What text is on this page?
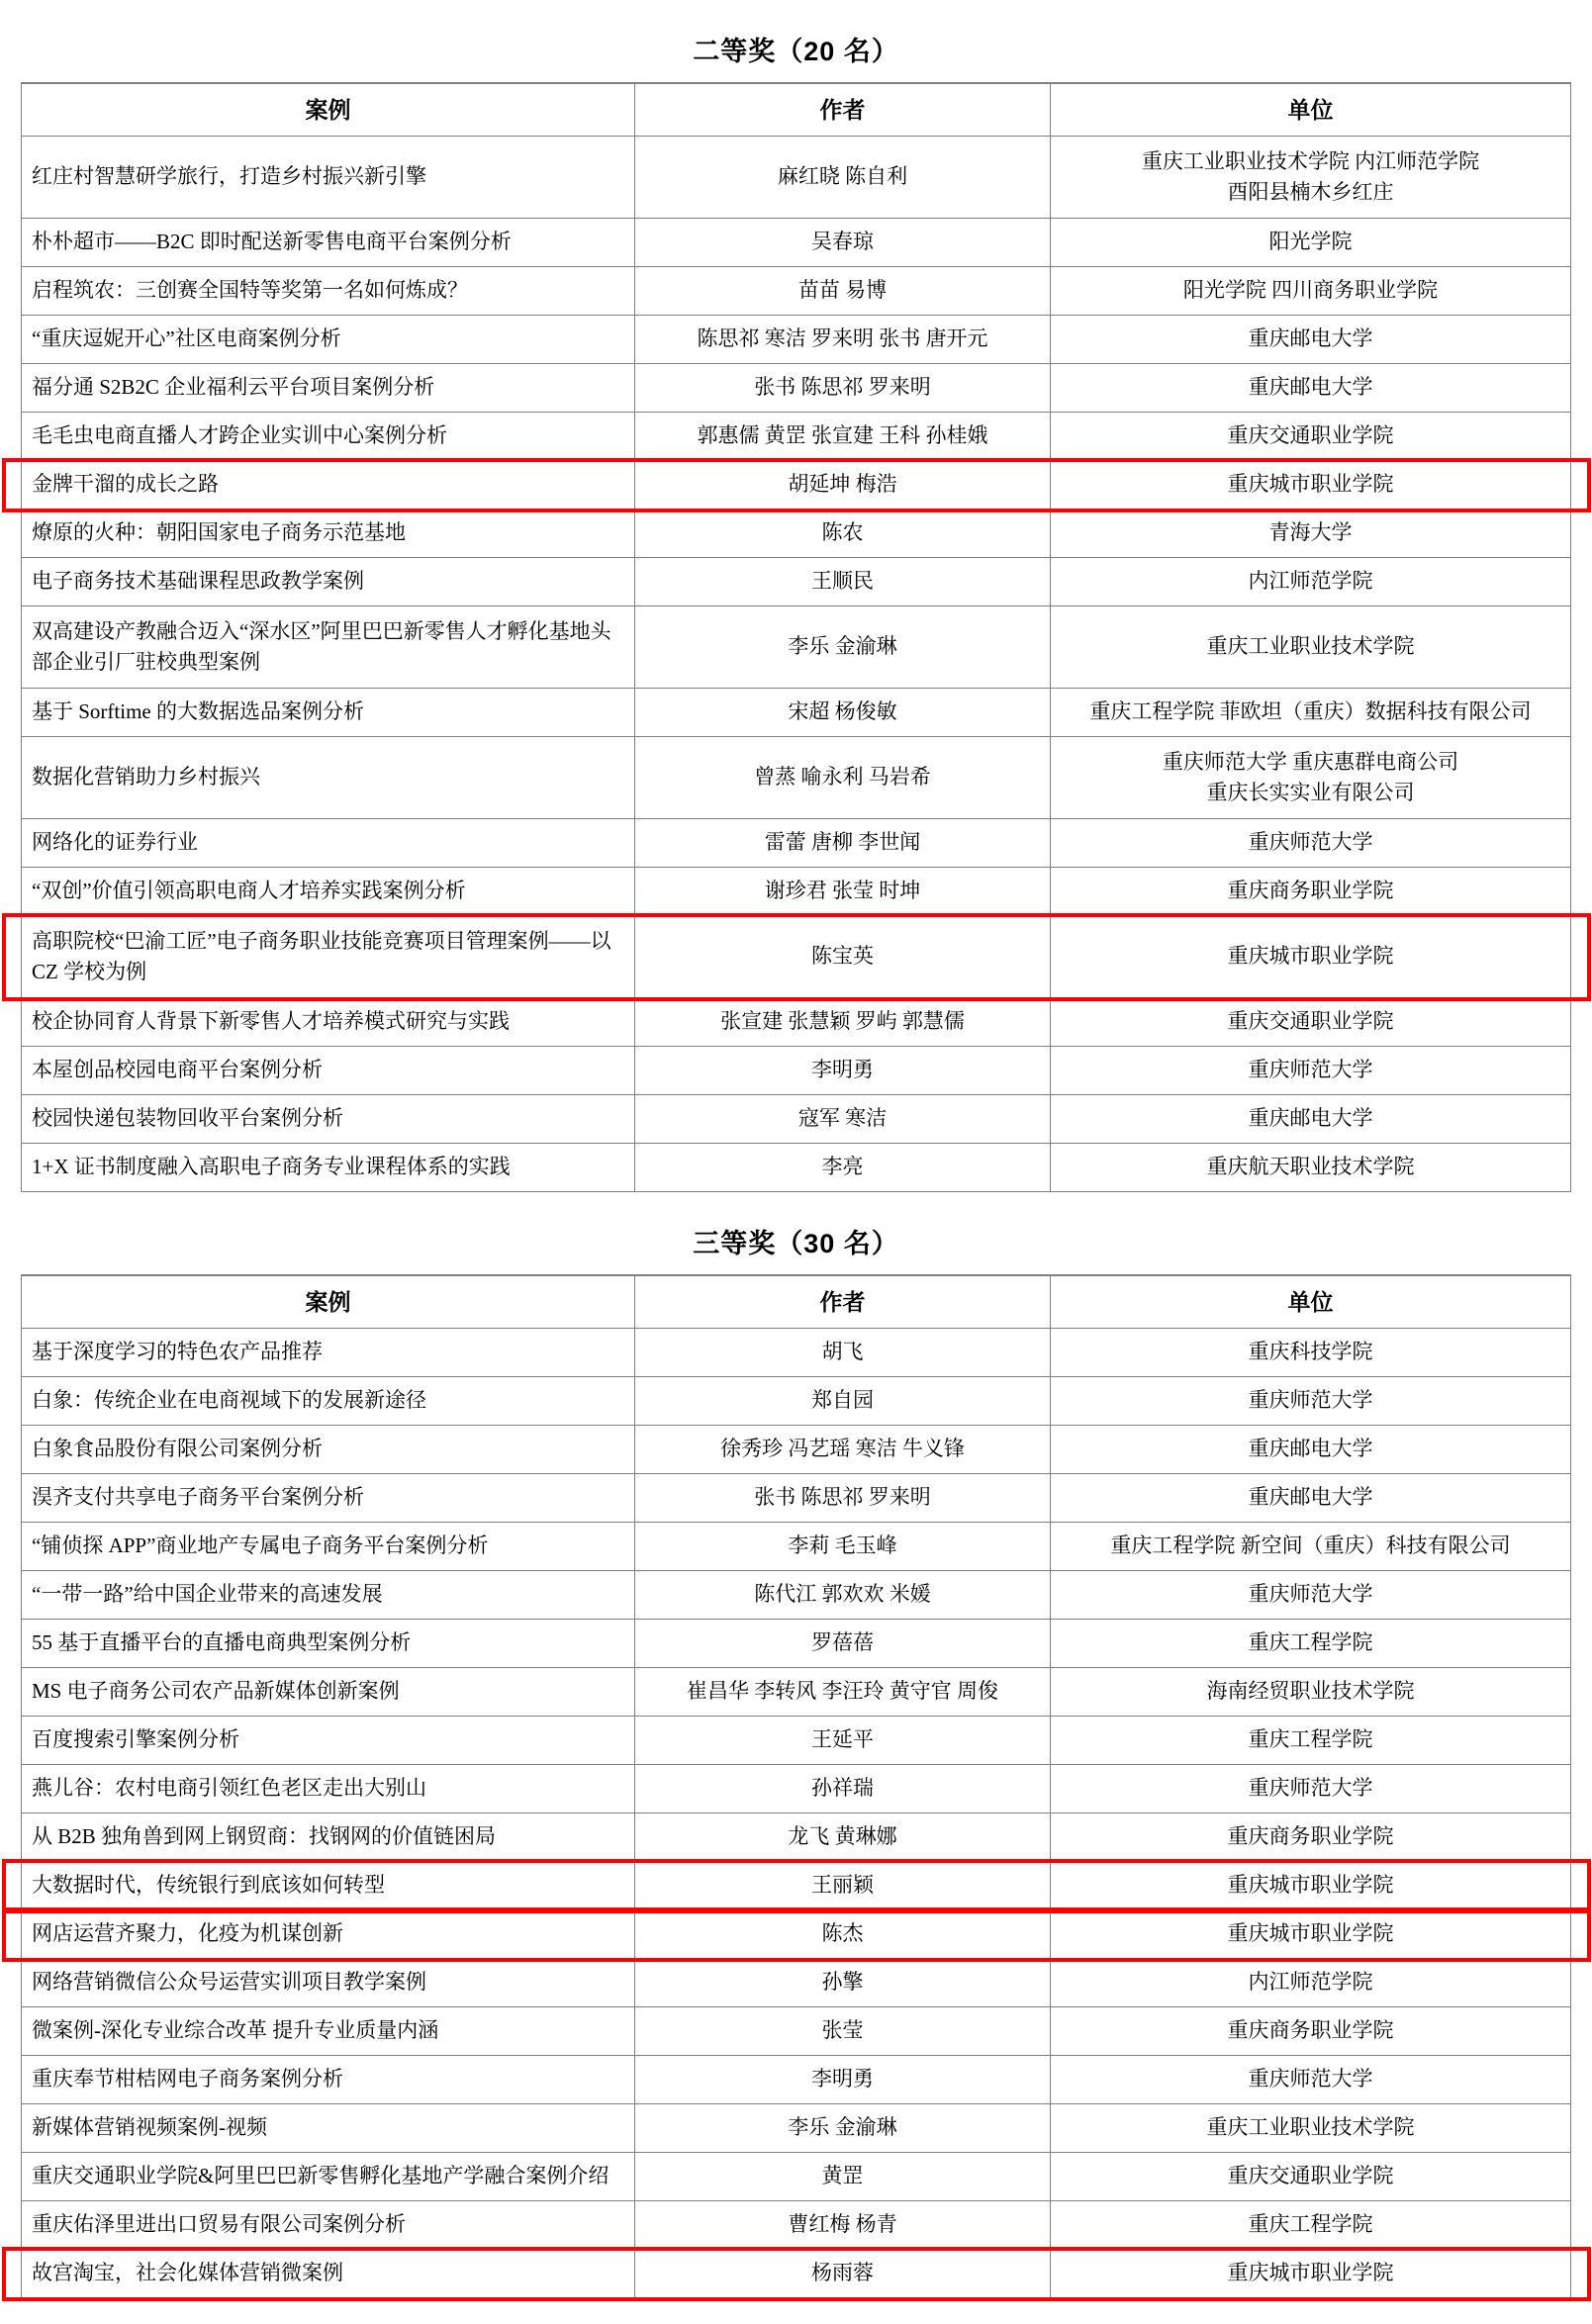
二等奖（20 名）
案例	作者	单位
红庄村智慧研学旅行，打造乡村振兴新引擎	麻红晓 陈自利	重庆工业职业技术学院 内江师范学院
酉阳县楠木乡红庄
朴朴超市——B2C 即时配送新零售电商平台案例分析	吴春琼	阳光学院
启程筑农：三创赛全国特等奖第一名如何炼成？	苗苗 易博	阳光学院 四川商务职业学院
“重庆逗妮开心”社区电商案例分析	陈思祁 寒洁 罗来明 张书 唐开元	重庆邮电大学
福分通 S2B2C 企业福利云平台项目案例分析	张书 陈思祁 罗来明	重庆邮电大学
毛毛虫电商直播人才跨企业实训中心案例分析	郭惠儒 黄罡 张宣建 王科 孙桂娥	重庆交通职业学院
金牌干溜的成长之路	胡延坤 梅浩	重庆城市职业学院
燎原的火种：朝阳国家电子商务示范基地	陈农	青海大学
电子商务技术基础课程思政教学案例	王顺民	内江师范学院
双高建设产教融合迈入“深水区”阿里巴巴新零售人才孵化基地头部企业引厂驻校典型案例	李乐 金渝琳	重庆工业职业技术学院
基于 Sorftime 的大数据选品案例分析	宋超 杨俊敏	重庆工程学院 菲欧坦（重庆）数据科技有限公司
数据化营销助力乡村振兴	曾蒸 喻永利 马岩希	重庆师范大学 重庆惠群电商公司
重庆长实实业有限公司
网络化的证券行业	雷蕾 唐柳 李世闻	重庆师范大学
“双创”价值引领高职电商人才培养实践案例分析	谢珍君 张莹 时坤	重庆商务职业学院
高职院校“巴渝工匠”电子商务职业技能竞赛项目管理案例——以 CZ 学校为例	陈宝英	重庆城市职业学院
校企协同育人背景下新零售人才培养模式研究与实践	张宣建 张慧颖 罗屿 郭慧儒	重庆交通职业学院
本屋创品校园电商平台案例分析	李明勇	重庆师范大学
校园快递包装物回收平台案例分析	寇军 寒洁	重庆邮电大学
1+X 证书制度融入高职电子商务专业课程体系的实践	李亮	重庆航天职业技术学院
三等奖（30 名）
案例	作者	单位
基于深度学习的特色农产品推荐	胡飞	重庆科技学院
白象：传统企业在电商视域下的发展新途径	郑自园	重庆师范大学
白象食品股份有限公司案例分析	徐秀珍 冯艺瑶 寒洁 牛义锋	重庆邮电大学
淏齐支付共享电子商务平台案例分析	张书 陈思祁 罗来明	重庆邮电大学
“铺侦探 APP”商业地产专属电子商务平台案例分析	李莉 毛玉峰	重庆工程学院 新空间（重庆）科技有限公司
“一带一路”给中国企业带来的高速发展	陈代江 郭欢欢 米媛	重庆师范大学
55 基于直播平台的直播电商典型案例分析	罗蓓蓓	重庆工程学院
MS 电子商务公司农产品新媒体创新案例	崔昌华 李转风 李汪玲 黄守官 周俊	海南经贸职业技术学院
百度搜索引擎案例分析	王延平	重庆工程学院
燕儿谷：农村电商引领红色老区走出大别山	孙祥瑞	重庆师范大学
从 B2B 独角兽到网上钢贸商：找钢网的价值链困局	龙飞 黄琳娜	重庆商务职业学院
大数据时代，传统银行到底该如何转型	王丽颖	重庆城市职业学院
网店运营齐聚力，化疫为机谋创新	陈杰	重庆城市职业学院
网络营销微信公众号运营实训项目教学案例	孙擎	内江师范学院
微案例-深化专业综合改革 提升专业质量内涵	张莹	重庆商务职业学院
重庆奉节柑桔网电子商务案例分析	李明勇	重庆师范大学
新媒体营销视频案例-视频	李乐 金渝琳	重庆工业职业技术学院
重庆交通职业学院&阿里巴巴新零售孵化基地产学融合案例介绍	黄罡	重庆交通职业学院
重庆佑泽里进出口贸易有限公司案例分析	曹红梅 杨青	重庆工程学院
故宫淘宝，社会化媒体营销微案例	杨雨蓉	重庆城市职业学院
